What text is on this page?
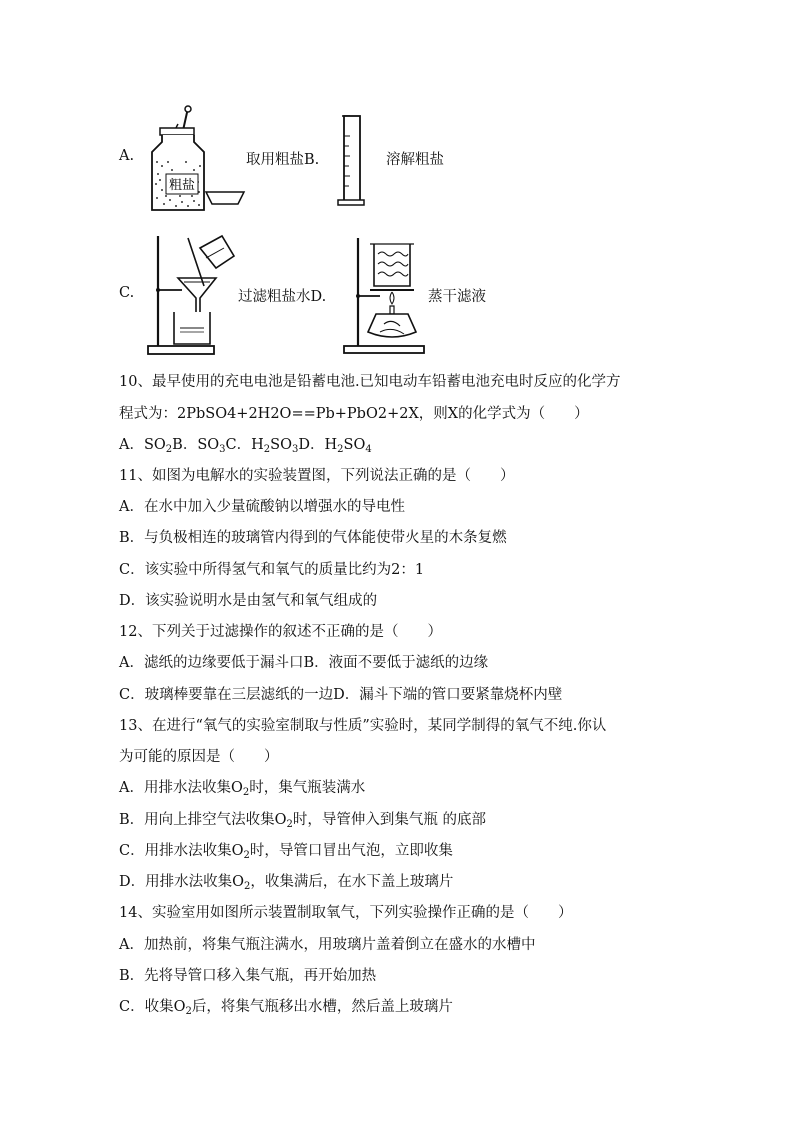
A.
粗盐
取用粗盐B.	溶解粗盐
C.	过滤粗盐水D.	蒸干滤液
10、最早使用的充电电池是铅蓄电池.已知电动车铅蓄电池充电时反应的化学方
程式为：2PbSO4+2H2O==Pb+PbO2+2X，则X的化学式为（　　）
A．$SO_2B$．$SO_3C$．$H_2SO_3D$．$H_2SO_4$
11、如图为电解水的实验装置图，下列说法正确的是（　　）
A．在水中加入少量硫酸钠以增强水的导电性
B．与负极相连的玻璃管内得到的气体能使带火星的木条复燃
C．该实验中所得氢气和氧气的质量比约为2：1
D．该实验说明水是由氢气和氧气组成的
12、下列关于过滤操作的叙述不正确的是（　　）
A．滤纸的边缘要低于漏斗口B．液面不要低于滤纸的边缘
C．玻璃棒要靠在三层滤纸的一边D．漏斗下端的管口要紧靠烧杯内壁
13、在进行“氧气的实验室制取与性质”实验时，某同学制得的氧气不纯.你认
为可能的原因是（　　）
A．用排水法收集$O_2$时，集气瓶装满水
B．用向上排空气法收集$O_2$时，导管伸入到集气瓶 的底部
C．用排水法收集$O_2$时，导管口冒出气泡，立即收集
D．用排水法收集$O_2$，收集满后，在水下盖上玻璃片
14、实验室用如图所示装置制取氧气，下列实验操作正确的是（　　）
A．加热前，将集气瓶注满水，用玻璃片盖着倒立在盛水的水槽中
B．先将导管口移入集气瓶，再开始加热
C．收集$O_2$后，将集气瓶移出水槽，然后盖上玻璃片
